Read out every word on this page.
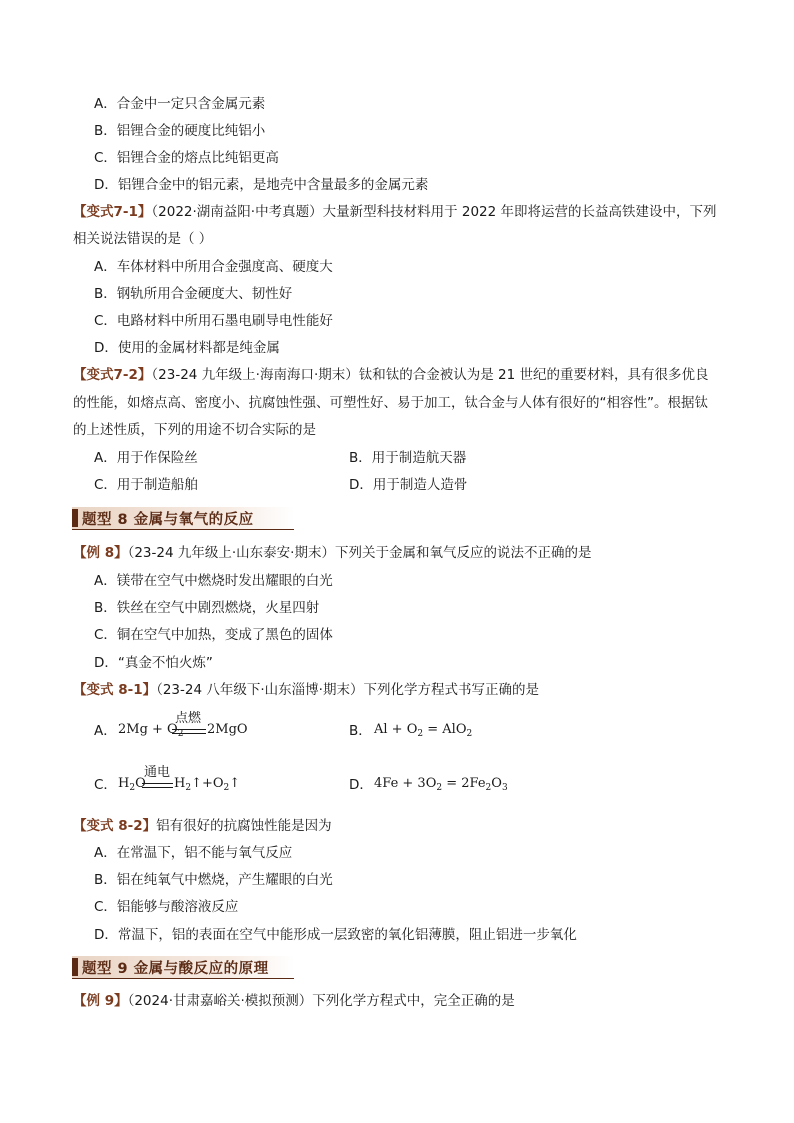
A．合金中一定只含金属元素
B．铝锂合金的硬度比纯铝小
C．铝锂合金的熔点比纯铝更高
D．铝锂合金中的铝元素，是地壳中含量最多的金属元素
【变式7-1】（2022·湖南益阳·中考真题）大量新型科技材料用于 2022 年即将运营的长益高铁建设中，下列
相关说法错误的是（ ）
A．车体材料中所用合金强度高、硬度大
B．钢轨所用合金硬度大、韧性好
C．电路材料中所用石墨电刷导电性能好
D．使用的金属材料都是纯金属
【变式7-2】（23-24 九年级上·海南海口·期末）钛和钛的合金被认为是 21 世纪的重要材料，具有很多优良
的性能，如熔点高、密度小、抗腐蚀性强、可塑性好、易于加工，钛合金与人体有很好的“相容性”。根据钛
的上述性质，下列的用途不切合实际的是
A．用于作保险丝	B．用于制造航天器
C．用于制造船舶	D．用于制造人造骨
题型 8 金属与氧气的反应
【例 8】（23-24 九年级上·山东泰安·期末）下列关于金属和氧气反应的说法不正确的是
A．镁带在空气中燃烧时发出耀眼的白光
B．铁丝在空气中剧烈燃烧，火星四射
C．铜在空气中加热，变成了黑色的固体
D．“真金不怕火炼”
【变式 8-1】（23-24 八年级下·山东淄博·期末）下列化学方程式书写正确的是
A． $2Mg + O_2$
点燃
2MgO	B． $Al + O_2 = AlO_2$
C． $H_2O$
通电
$H_2↑+O_2↑$	D． $4Fe + 3O_2 = 2Fe_2O_3$
【变式 8-2】铝有很好的抗腐蚀性能是因为
A．在常温下，铝不能与氧气反应
B．铝在纯氧气中燃烧，产生耀眼的白光
C．铝能够与酸溶液反应
D．常温下，铝的表面在空气中能形成一层致密的氧化铝薄膜，阻止铝进一步氧化
题型 9 金属与酸反应的原理
【例 9】（2024·甘肃嘉峪关·模拟预测）下列化学方程式中，完全正确的是
